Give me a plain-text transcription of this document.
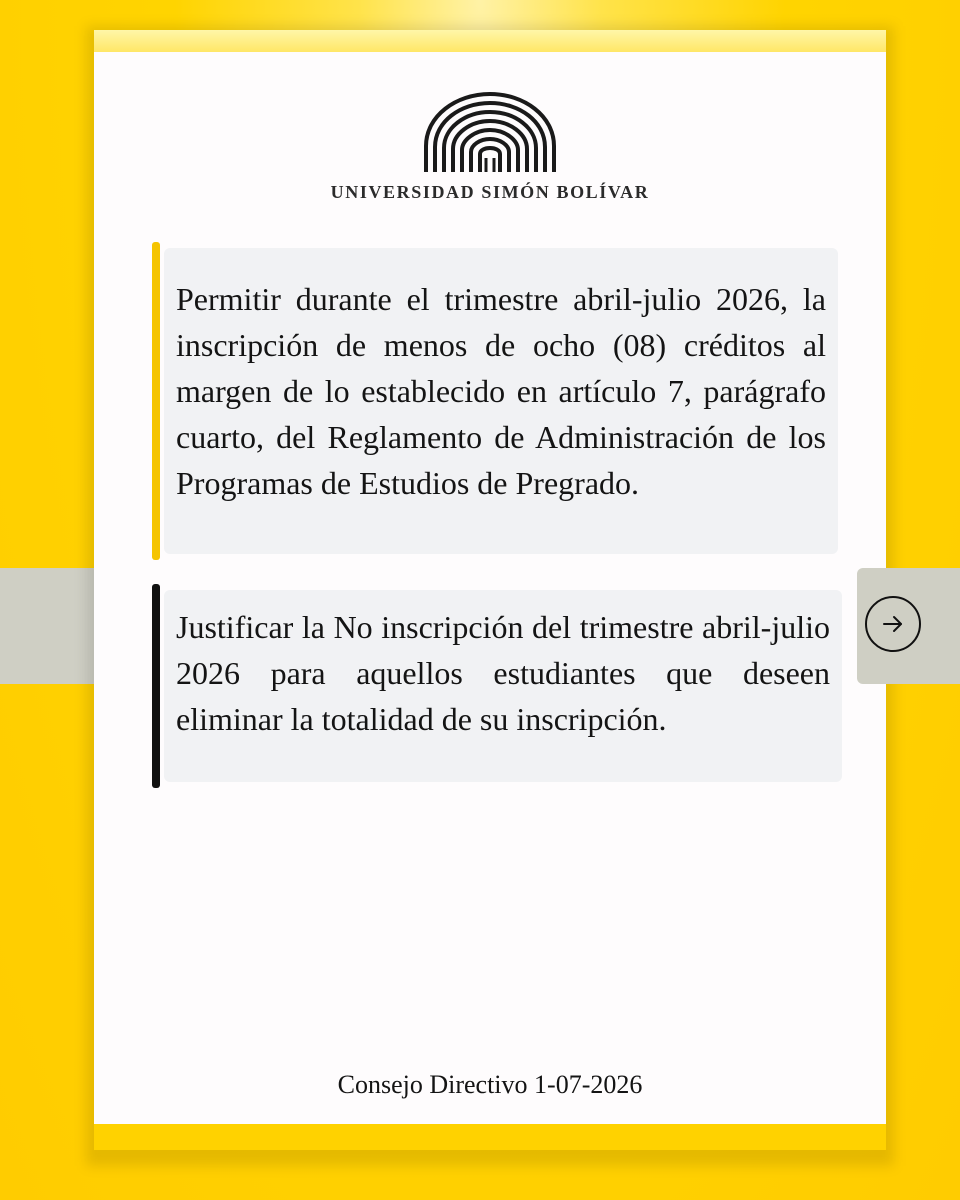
UNIVERSIDAD SIMÓN BOLÍVAR

Permitir durante el trimestre abril-julio 2026, la inscripción de menos de ocho (08) créditos al margen de lo establecido en artículo 7, parágrafo cuarto, del Reglamento de Administración de los Programas de Estudios de Pregrado.

Justificar la No inscripción del trimestre abril-julio 2026 para aquellos estudiantes que deseen eliminar la totalidad de su inscripción.

Consejo Directivo 1-07-2026
